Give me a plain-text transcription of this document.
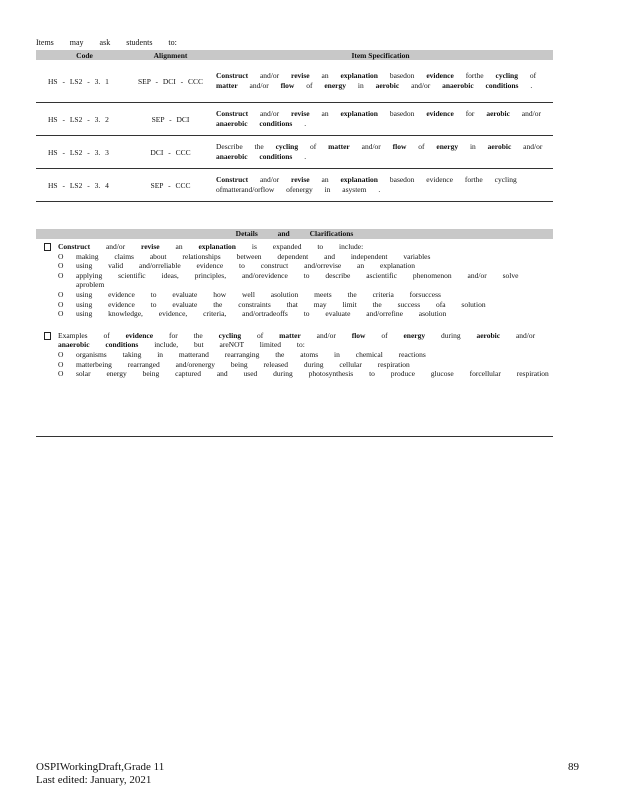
Items may ask students to:
Code	Alignment	Item Specification
HS - LS2 - 3. 1	SEP - DCI - CCC	Construct and/or revise an explanation basedon evidence forthe cycling of matter and/or flow of energy in aerobic and/or anaerobic conditions .
HS - LS2 - 3. 2	SEP - DCI	Construct and/or revise an explanation basedon evidence for aerobic and/or anaerobic conditions .
HS - LS2 - 3. 3	DCI - CCC	Describe the cycling of matter and/or flow of energy in aerobic and/or anaerobic conditions .
HS - LS2 - 3. 4	SEP - CCC	Construct and/or revise an explanation basedon evidence forthe cycling ofmatterand/orflow ofenergy in asystem .
Details and Clarifications
Construct and/or revise an explanation is expanded to include:
O making claims about relationships between dependent and independent variables
O using valid and/orreliable evidence to construct and/orrevise an explanation
O applying scientific ideas, principles, and/orevidence to describe ascientific phenomenon and/or solve aproblem
O using evidence to evaluate how well asolution meets the criteria forsuccess
O using evidence to evaluate the constraints that may limit the success ofa solution
O using knowledge, evidence, criteria, and/ortradeoffs to evaluate and/orrefine asolution
Examples of evidence for the cycling of matter and/or flow of energy during aerobic and/or anaerobic conditions include, but areNOT limited to:
O organisms taking in matterand rearranging the atoms in chemical reactions
O matterbeing rearranged and/orenergy being released during cellular respiration
O solar energy being captured and used during photosynthesis to produce glucose forcellular respiration
OSPIWorkingDraft,Grade 11
Last edited: January, 2021
89
